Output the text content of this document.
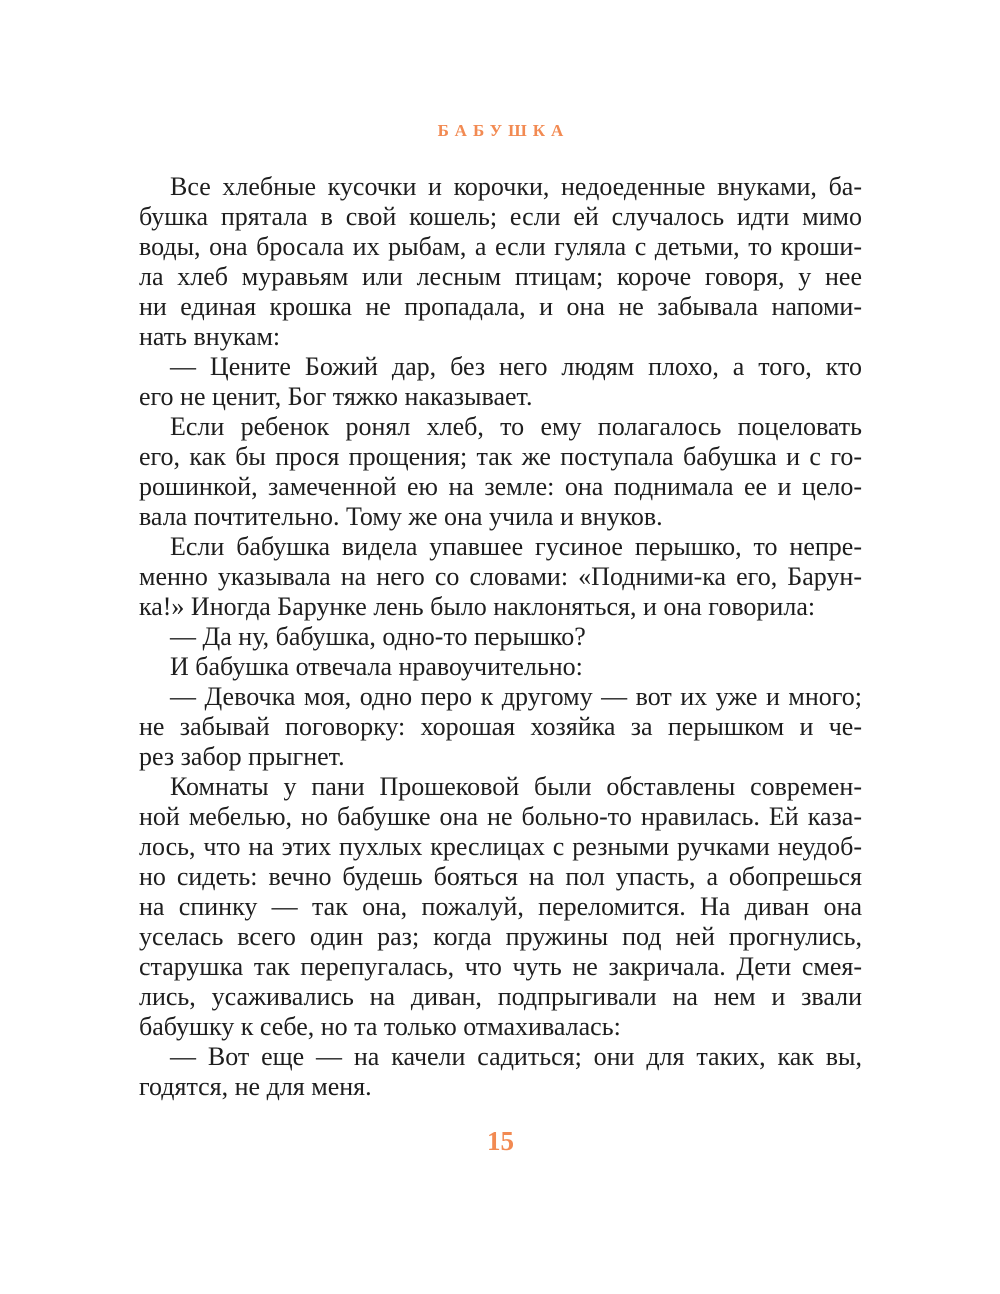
БАБУШКА
Все хлебные кусочки и корочки, недоеденные внуками, ба-
бушка прятала в свой кошель; если ей случалось идти мимо
воды, она бросала их рыбам, а если гуляла с детьми, то кроши-
ла хлеб муравьям или лесным птицам; короче говоря, у нее
ни единая крошка не пропадала, и она не забывала напоми-
нать внукам:
— Цените Божий дар, без него людям плохо, а того, кто
его не ценит, Бог тяжко наказывает.
Если ребенок ронял хлеб, то ему полагалось поцеловать
его, как бы прося прощения; так же поступала бабушка и с го-
рошинкой, замеченной ею на земле: она поднимала ее и цело-
вала почтительно. Тому же она учила и внуков.
Если бабушка видела упавшее гусиное перышко, то непре-
менно указывала на него со словами: «Подними-ка его, Барун-
ка!» Иногда Барунке лень было наклоняться, и она говорила:
— Да ну, бабушка, одно-то перышко?
И бабушка отвечала нравоучительно:
— Девочка моя, одно перо к другому — вот их уже и много;
не забывай поговорку: хорошая хозяйка за перышком и че-
рез забор прыгнет.
Комнаты у пани Прошековой были обставлены современ-
ной мебелью, но бабушке она не больно-то нравилась. Ей каза-
лось, что на этих пухлых креслицах с резными ручками неудоб-
но сидеть: вечно будешь бояться на пол упасть, а обопрешься
на спинку — так она, пожалуй, переломится. На диван она
уселась всего один раз; когда пружины под ней прогнулись,
старушка так перепугалась, что чуть не закричала. Дети смея-
лись, усаживались на диван, подпрыгивали на нем и звали
бабушку к себе, но та только отмахивалась:
— Вот еще — на качели садиться; они для таких, как вы,
годятся, не для меня.
15
